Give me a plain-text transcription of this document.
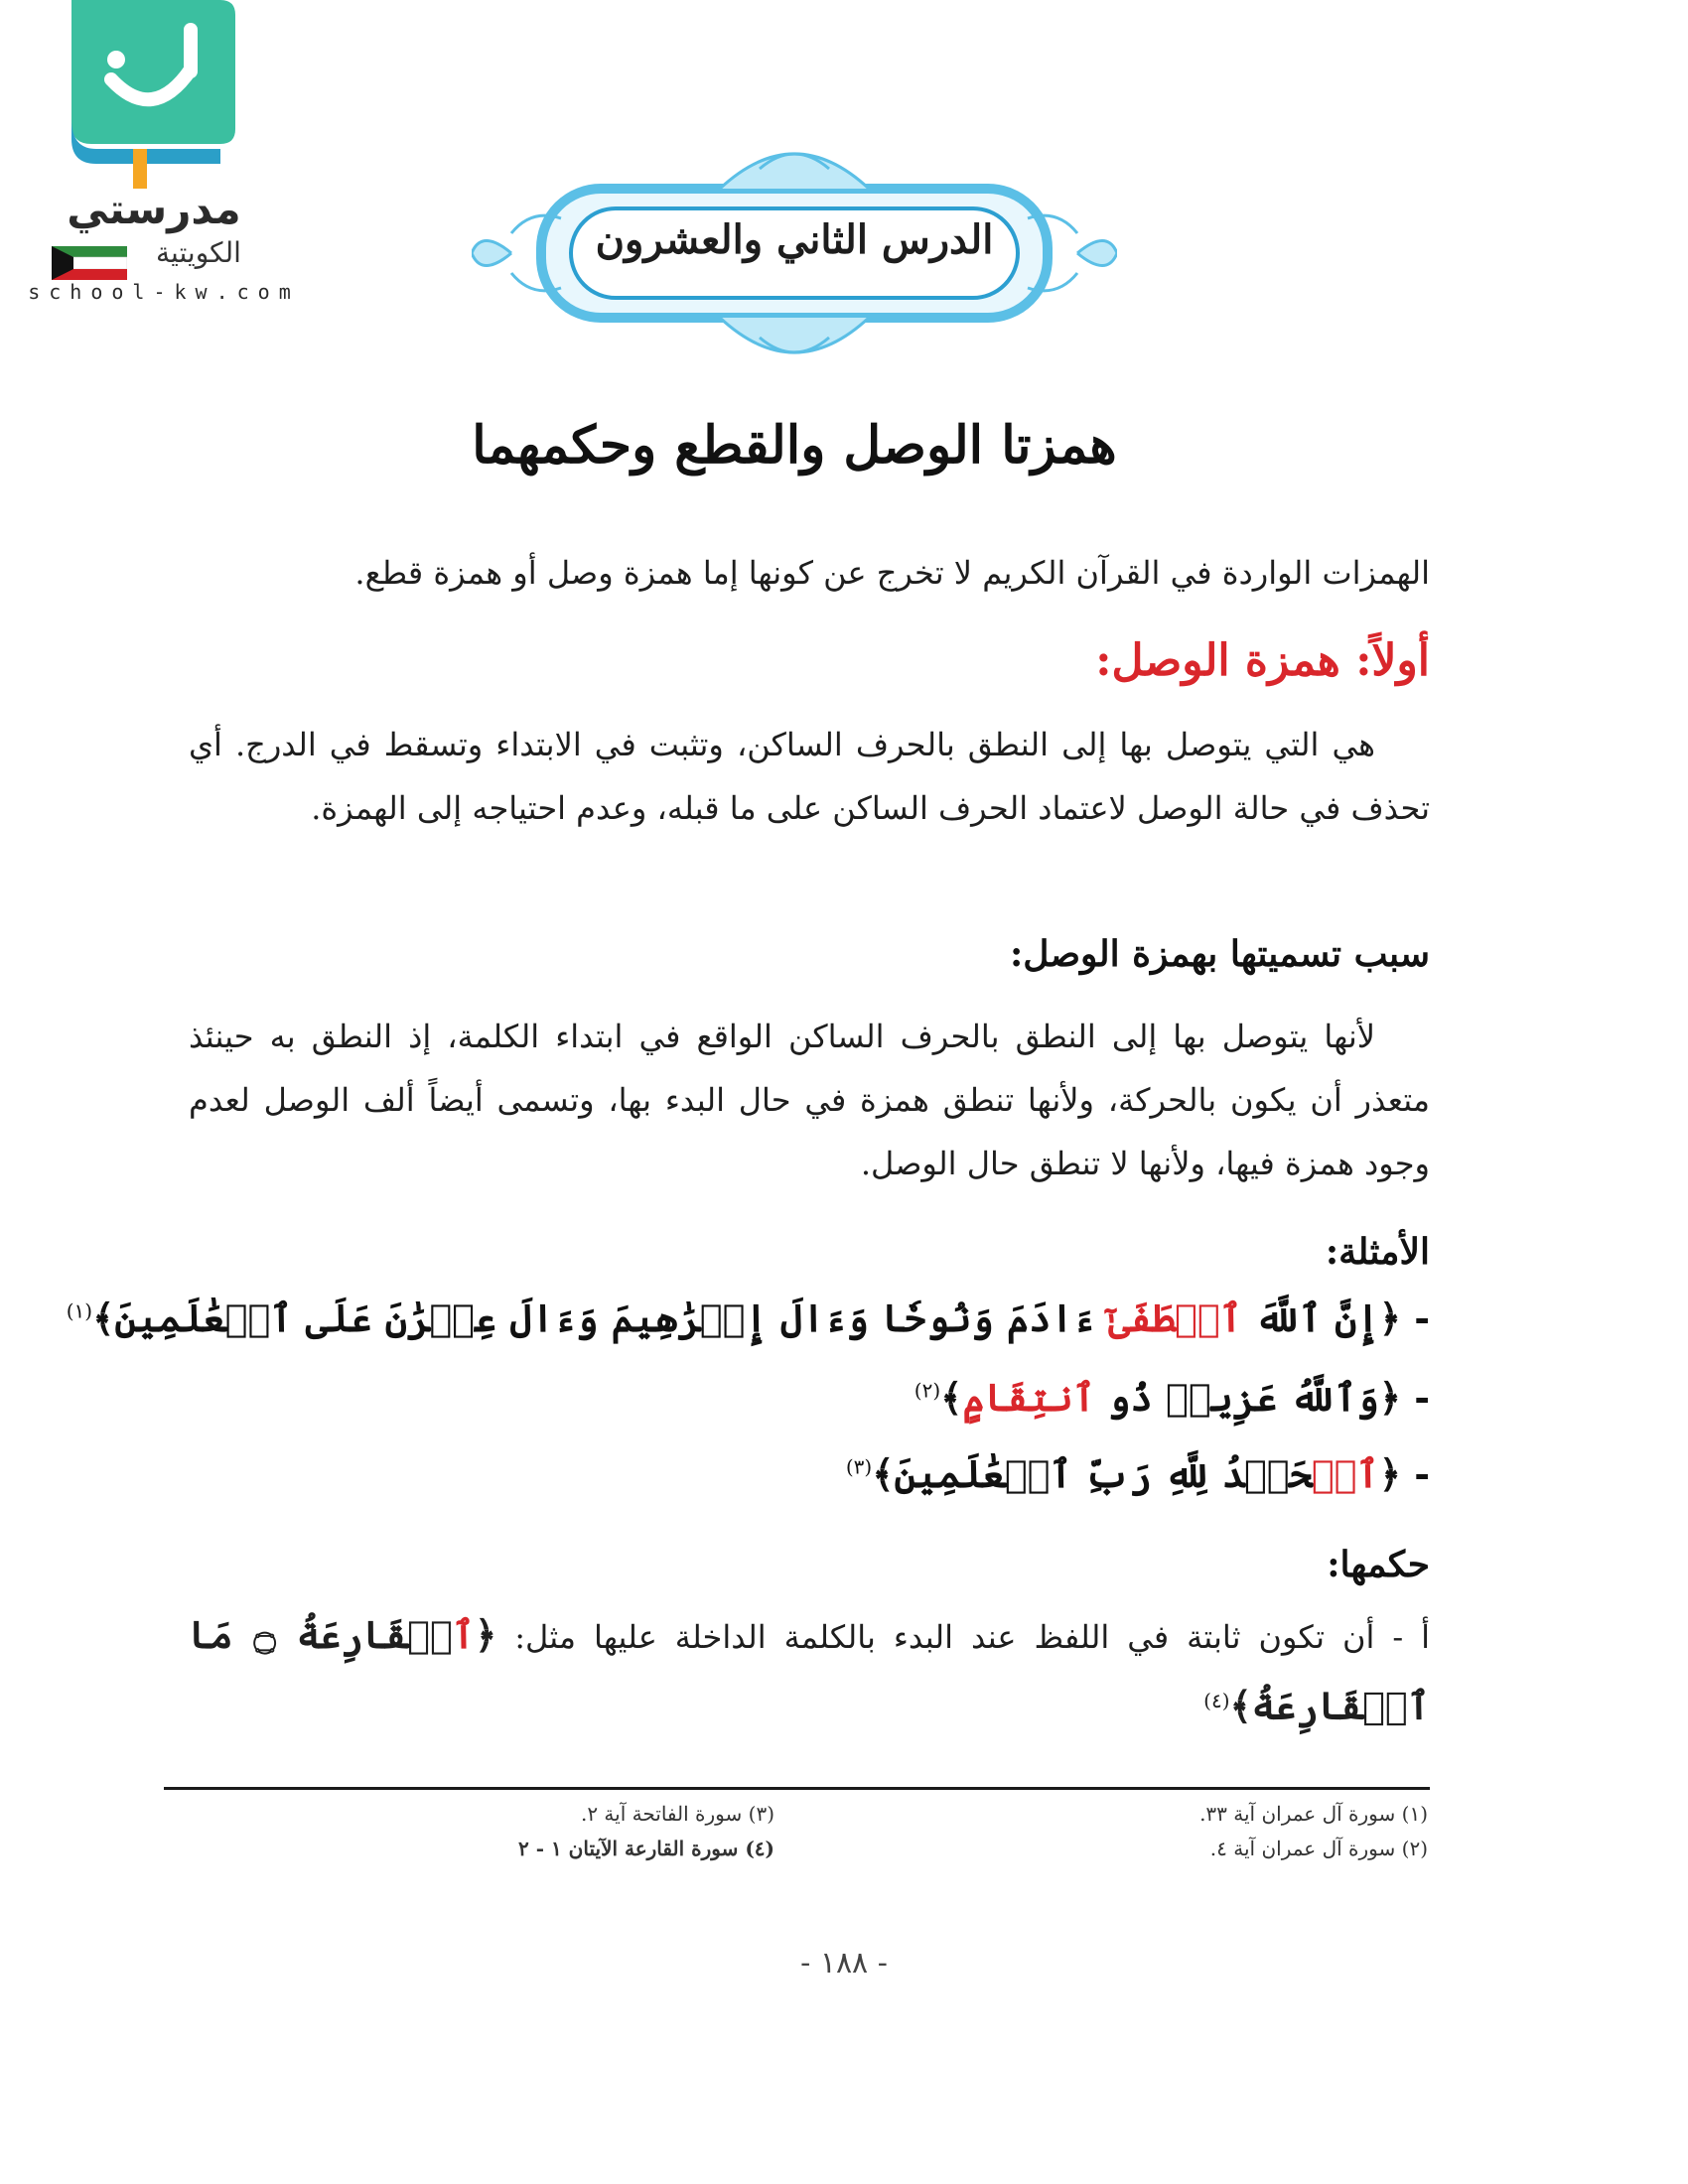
مدرستي
الكويتية
school-kw.com
الدرس الثاني والعشرون
همزتا الوصل والقطع وحكمهما
الهمزات الواردة في القرآن الكريم لا تخرج عن كونها إما همزة وصل أو همزة قطع.
أولاً: همزة الوصل:
هي التي يتوصل بها إلى النطق بالحرف الساكن، وتثبت في الابتداء وتسقط في الدرج. أي تحذف في حالة الوصل لاعتماد الحرف الساكن على ما قبله، وعدم احتياجه إلى الهمزة.
سبب تسميتها بهمزة الوصل:
لأنها يتوصل بها إلى النطق بالحرف الساكن الواقع في ابتداء الكلمة، إذ النطق به حينئذ متعذر أن يكون بالحركة، ولأنها تنطق همزة في حال البدء بها، وتسمى أيضاً ألف الوصل لعدم وجود همزة فيها، ولأنها لا تنطق حال الوصل.
الأمثلة:
- ﴿إِنَّ ٱللَّهَ ٱصۡطَفَىٰٓ ءَادَمَ وَنُوحٗا وَءَالَ إِبۡرَٰهِيمَ وَءَالَ عِمۡرَٰنَ عَلَى ٱلۡعَٰلَمِينَ﴾$^{(١)}$
- ﴿وَٱللَّهُ عَزِيزٞ ذُو ٱنتِقَامٍ﴾$^{(٢)}$
- ﴿ٱلۡحَمۡدُ لِلَّهِ رَبِّ ٱلۡعَٰلَمِينَ﴾$^{(٣)}$
حكمها:
أ - أن تكون ثابتة في اللفظ عند البدء بالكلمة الداخلة عليها مثل: ﴿ٱلۡقَارِعَةُ ۝ مَا ٱلۡقَارِعَةُ﴾$^{(٤)}$
(١) سورة آل عمران آية ٣٣.
(٢) سورة آل عمران آية ٤.
(٣) سورة الفاتحة آية ٢.
(٤) سورة القارعة الآيتان ١ - ٢
- ١٨٨ -
